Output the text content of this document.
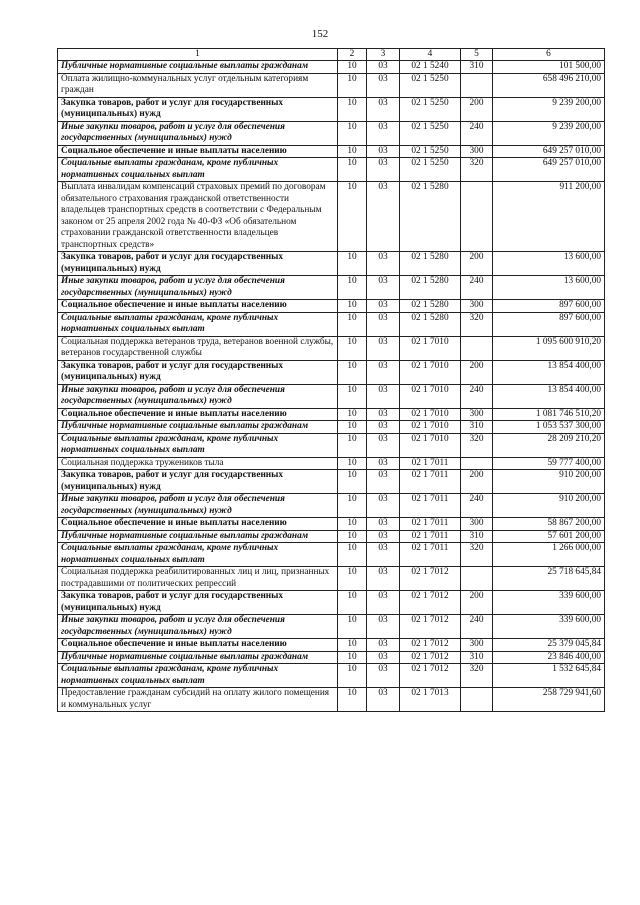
152
1	2	3	4	5	6
Публичные нормативные социальные выплаты гражданам	10	03	02 1 5240	310	101 500,00
Оплата жилищно-коммунальных услуг отдельным категориям граждан	10	03	02 1 5250		658 496 210,00
Закупка товаров, работ и услуг для государственных (муниципальных) нужд	10	03	02 1 5250	200	9 239 200,00
Иные закупки товаров, работ и услуг для обеспечения государственных (муниципальных) нужд	10	03	02 1 5250	240	9 239 200,00
Социальное обеспечение и иные выплаты населению	10	03	02 1 5250	300	649 257 010,00
Социальные выплаты гражданам, кроме публичных нормативных социальных выплат	10	03	02 1 5250	320	649 257 010,00
Выплата инвалидам компенсаций страховых премий по договорам обязательного страхования гражданской ответственности владельцев транспортных средств в соответствии с Федеральным законом от 25 апреля 2002 года № 40-ФЗ «Об обязательном страховании гражданской ответственности владельцев транспортных средств»	10	03	02 1 5280		911 200,00
Закупка товаров, работ и услуг для государственных (муниципальных) нужд	10	03	02 1 5280	200	13 600,00
Иные закупки товаров, работ и услуг для обеспечения государственных (муниципальных) нужд	10	03	02 1 5280	240	13 600,00
Социальное обеспечение и иные выплаты населению	10	03	02 1 5280	300	897 600,00
Социальные выплаты гражданам, кроме публичных нормативных социальных выплат	10	03	02 1 5280	320	897 600,00
Социальная поддержка ветеранов труда, ветеранов военной службы, ветеранов государственной службы	10	03	02 1 7010		1 095 600 910,20
Закупка товаров, работ и услуг для государственных (муниципальных) нужд	10	03	02 1 7010	200	13 854 400,00
Иные закупки товаров, работ и услуг для обеспечения государственных (муниципальных) нужд	10	03	02 1 7010	240	13 854 400,00
Социальное обеспечение и иные выплаты населению	10	03	02 1 7010	300	1 081 746 510,20
Публичные нормативные социальные выплаты гражданам	10	03	02 1 7010	310	1 053 537 300,00
Социальные выплаты гражданам, кроме публичных нормативных социальных выплат	10	03	02 1 7010	320	28 209 210,20
Социальная поддержка тружеников тыла	10	03	02 1 7011		59 777 400,00
Закупка товаров, работ и услуг для государственных (муниципальных) нужд	10	03	02 1 7011	200	910 200,00
Иные закупки товаров, работ и услуг для обеспечения государственных (муниципальных) нужд	10	03	02 1 7011	240	910 200,00
Социальное обеспечение и иные выплаты населению	10	03	02 1 7011	300	58 867 200,00
Публичные нормативные социальные выплаты гражданам	10	03	02 1 7011	310	57 601 200,00
Социальные выплаты гражданам, кроме публичных нормативных социальных выплат	10	03	02 1 7011	320	1 266 000,00
Социальная поддержка реабилитированных лиц и лиц, признанных пострадавшими от политических репрессий	10	03	02 1 7012		25 718 645,84
Закупка товаров, работ и услуг для государственных (муниципальных) нужд	10	03	02 1 7012	200	339 600,00
Иные закупки товаров, работ и услуг для обеспечения государственных (муниципальных) нужд	10	03	02 1 7012	240	339 600,00
Социальное обеспечение и иные выплаты населению	10	03	02 1 7012	300	25 379 045,84
Публичные нормативные социальные выплаты гражданам	10	03	02 1 7012	310	23 846 400,00
Социальные выплаты гражданам, кроме публичных нормативных социальных выплат	10	03	02 1 7012	320	1 532 645,84
Предоставление гражданам субсидий на оплату жилого помещения и коммунальных услуг	10	03	02 1 7013		258 729 941,60
